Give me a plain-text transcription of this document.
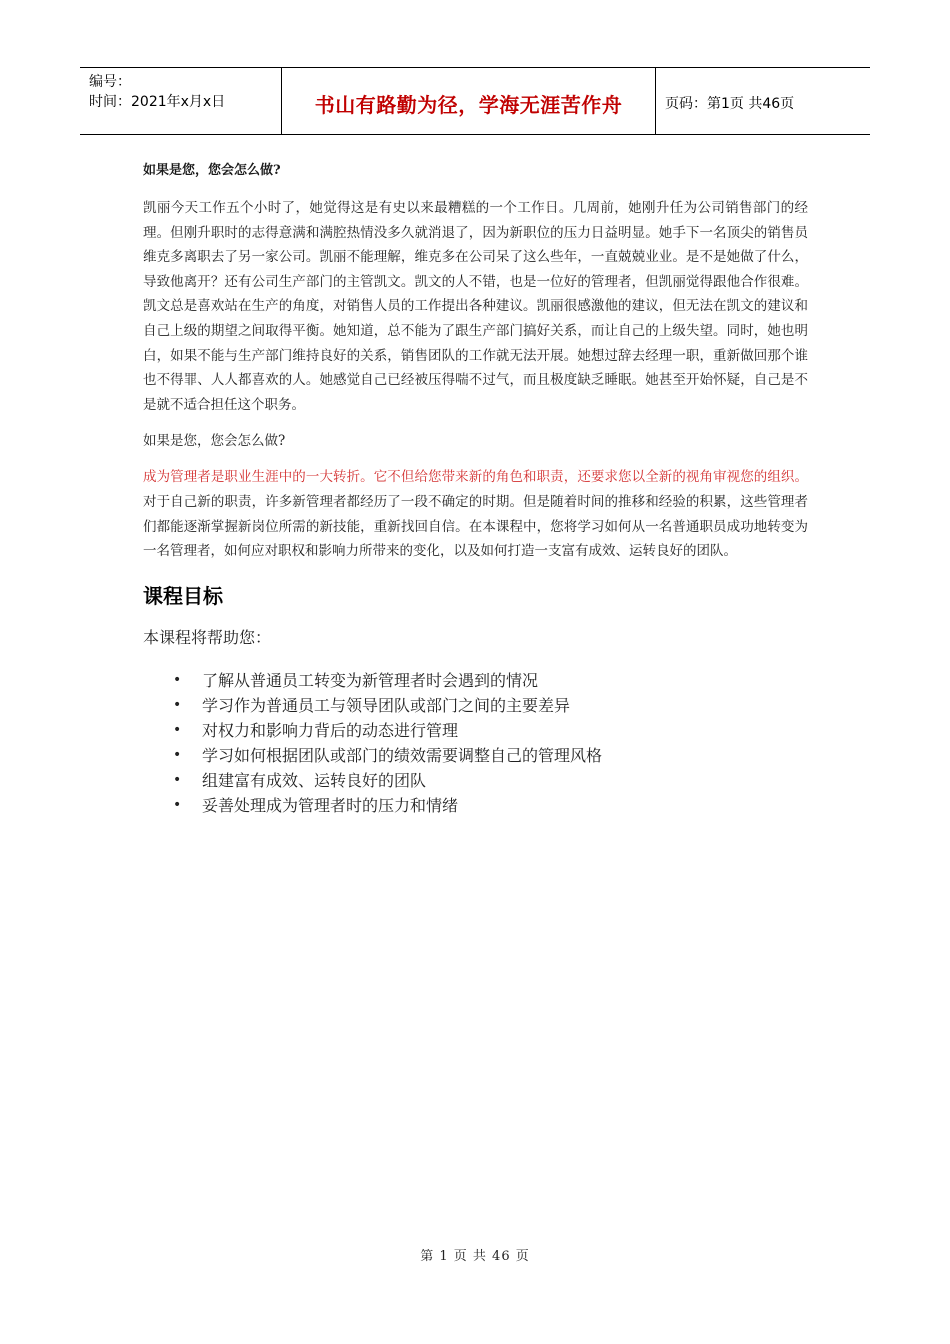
编号：
时间：2021年x月x日	书山有路勤为径，学海无涯苦作舟	页码：第1页 共46页

如果是您，您会怎么做?

凯丽今天工作五个小时了，她觉得这是有史以来最糟糕的一个工作日。几周前，她刚升任为公司销售部门的经理。但刚升职时的志得意满和满腔热情没多久就消退了，因为新职位的压力日益明显。她手下一名顶尖的销售员维克多离职去了另一家公司。凯丽不能理解，维克多在公司呆了这么些年，一直兢兢业业。是不是她做了什么，导致他离开？还有公司生产部门的主管凯文。凯文的人不错，也是一位好的管理者，但凯丽觉得跟他合作很难。凯文总是喜欢站在生产的角度，对销售人员的工作提出各种建议。凯丽很感激他的建议，但无法在凯文的建议和自己上级的期望之间取得平衡。她知道，总不能为了跟生产部门搞好关系，而让自己的上级失望。同时，她也明白，如果不能与生产部门维持良好的关系，销售团队的工作就无法开展。她想过辞去经理一职，重新做回那个谁也不得罪、人人都喜欢的人。她感觉自己已经被压得喘不过气，而且极度缺乏睡眠。她甚至开始怀疑，自己是不是就不适合担任这个职务。

如果是您，您会怎么做?

成为管理者是职业生涯中的一大转折。它不但给您带来新的角色和职责，还要求您以全新的视角审视您的组织。对于自己新的职责，许多新管理者都经历了一段不确定的时期。但是随着时间的推移和经验的积累，这些管理者们都能逐渐掌握新岗位所需的新技能，重新找回自信。在本课程中，您将学习如何从一名普通职员成功地转变为一名管理者，如何应对职权和影响力所带来的变化，以及如何打造一支富有成效、运转良好的团队。

课程目标

本课程将帮助您：

• 了解从普通员工转变为新管理者时会遇到的情况
• 学习作为普通员工与领导团队或部门之间的主要差异
• 对权力和影响力背后的动态进行管理
• 学习如何根据团队或部门的绩效需要调整自己的管理风格
• 组建富有成效、运转良好的团队
• 妥善处理成为管理者时的压力和情绪
第 1 页 共 46 页
